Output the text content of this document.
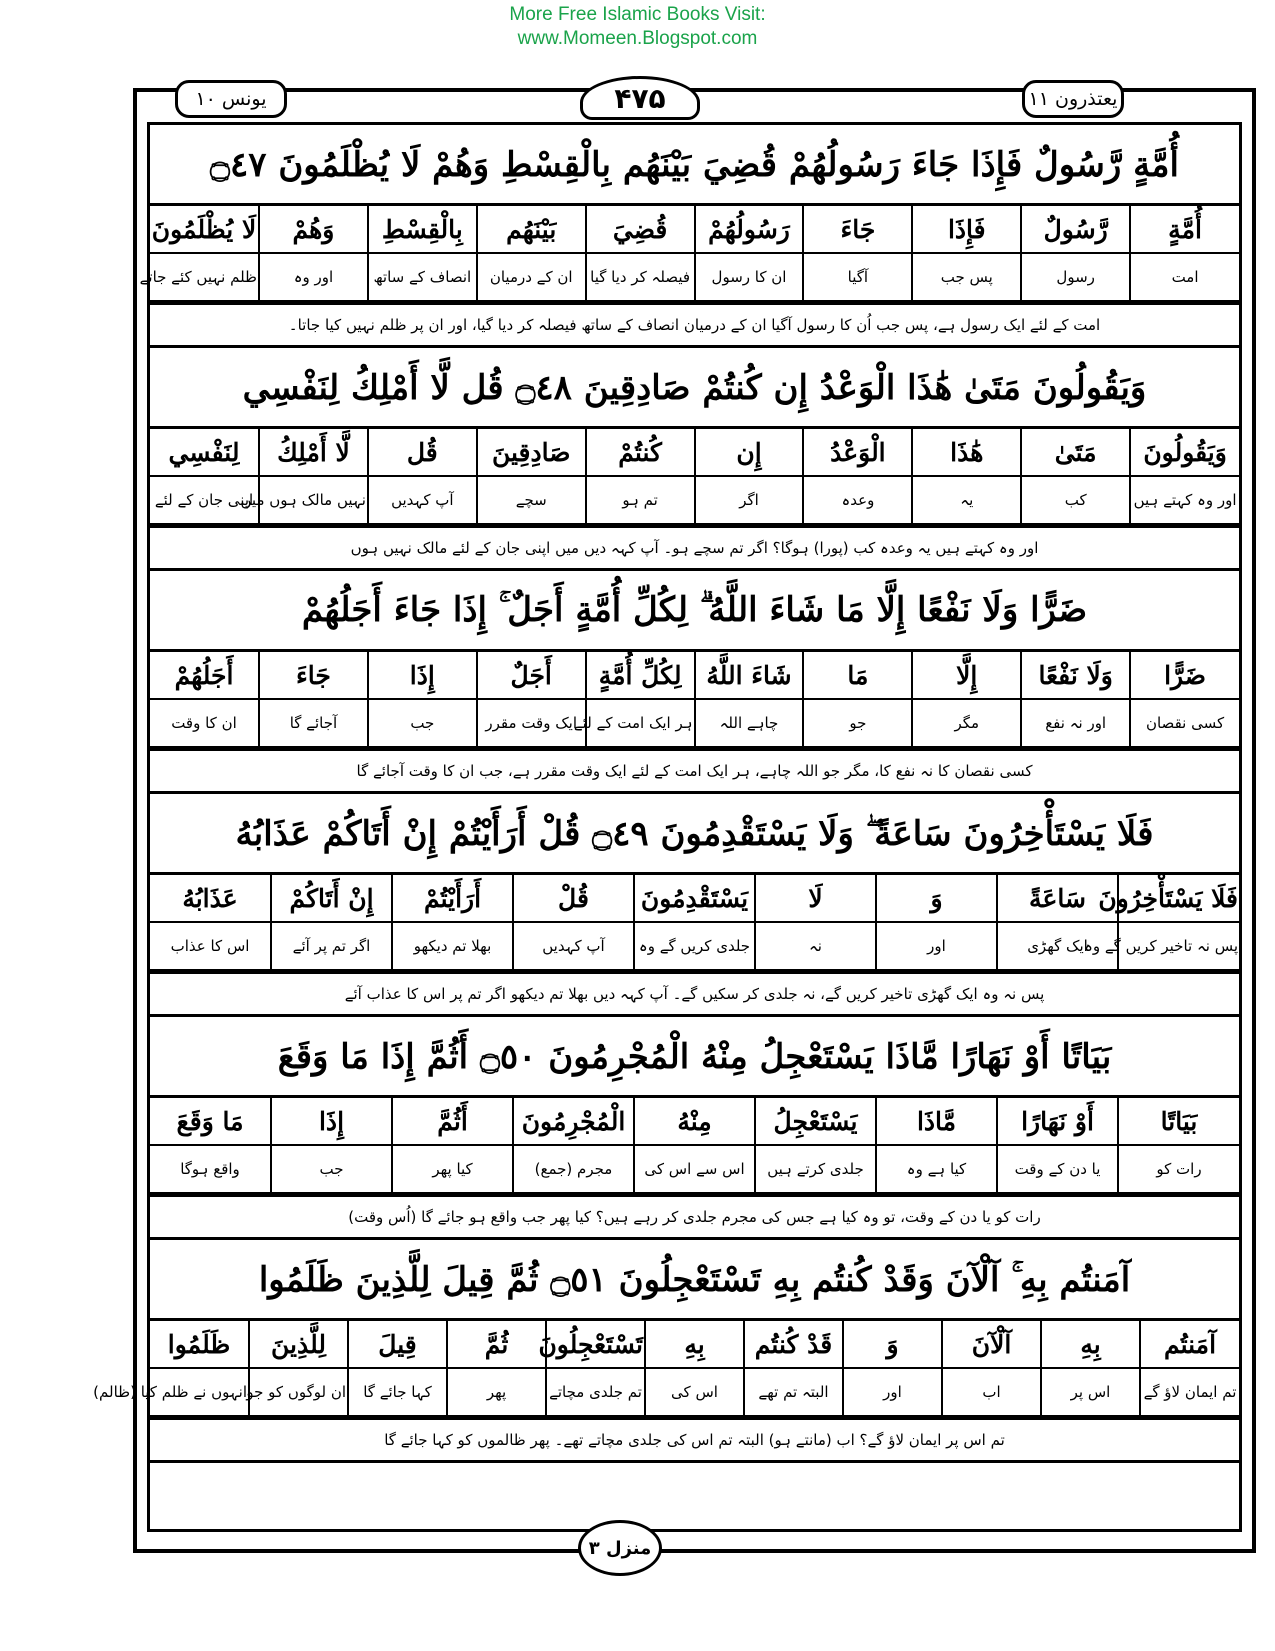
More Free Islamic Books Visit:
www.Momeen.Blogspot.com
یونس ۱۰	۴۷۵	یعتذرون ۱۱
أُمَّةٍ رَّسُولٌ فَإِذَا جَاءَ رَسُولُهُمْ قُضِيَ بَيْنَهُم بِالْقِسْطِ وَهُمْ لَا يُظْلَمُونَ ۝٤٧
أُمَّةٍ	رَّسُولٌ	فَإِذَا	جَاءَ	رَسُولُهُمْ	قُضِيَ	بَيْنَهُم	بِالْقِسْطِ	وَهُمْ	لَا يُظْلَمُونَ
امت	رسول	پس جب	آگیا	ان کا رسول	فیصلہ کر دیا گیا	ان کے درمیان	انصاف کے ساتھ	اور وہ	ظلم نہیں کئے جاتے
امت کے لئے ایک رسول ہے، پس جب اُن کا رسول آگیا ان کے درمیان انصاف کے ساتھ فیصلہ کر دیا گیا، اور ان پر ظلم نہیں کیا جاتا۔
وَيَقُولُونَ مَتَىٰ هَٰذَا الْوَعْدُ إِن كُنتُمْ صَادِقِينَ ۝٤٨ قُل لَّا أَمْلِكُ لِنَفْسِي
وَيَقُولُونَ	مَتَىٰ	هَٰذَا	الْوَعْدُ	إِن	كُنتُمْ	صَادِقِينَ	قُل	لَّا أَمْلِكُ	لِنَفْسِي
اور وہ کہتے ہیں	کب	یہ	وعدہ	اگر	تم ہو	سچے	آپ کہدیں	نہیں مالک ہوں میں	اپنی جان کے لئے
اور وہ کہتے ہیں یہ وعدہ کب (پورا) ہوگا؟ اگر تم سچے ہو۔ آپ کہہ دیں میں اپنی جان کے لئے مالک نہیں ہوں
ضَرًّا وَلَا نَفْعًا إِلَّا مَا شَاءَ اللَّهُ ۗ لِكُلِّ أُمَّةٍ أَجَلٌ ۚ إِذَا جَاءَ أَجَلُهُمْ
ضَرًّا	وَلَا نَفْعًا	إِلَّا	مَا	شَاءَ اللَّهُ	لِكُلِّ أُمَّةٍ	أَجَلٌ	إِذَا	جَاءَ	أَجَلُهُمْ
کسی نقصان	اور نہ نفع	مگر	جو	چاہے اللہ	ہر ایک امت کے لئے	ایک وقت مقرر	جب	آجائے گا	ان کا وقت
کسی نقصان کا نہ نفع کا، مگر جو اللہ چاہے، ہر ایک امت کے لئے ایک وقت مقرر ہے، جب ان کا وقت آجائے گا
فَلَا يَسْتَأْخِرُونَ سَاعَةً ۖ وَلَا يَسْتَقْدِمُونَ ۝٤٩ قُلْ أَرَأَيْتُمْ إِنْ أَتَاكُمْ عَذَابُهُ
فَلَا يَسْتَأْخِرُونَ	سَاعَةً	وَ	لَا	يَسْتَقْدِمُونَ	قُلْ	أَرَأَيْتُمْ	إِنْ أَتَاكُمْ	عَذَابُهُ
پس نہ تاخیر کریں گے وہ	ایک گھڑی	اور	نہ	جلدی کریں گے وہ	آپ کہدیں	بھلا تم دیکھو	اگر تم پر آئے	اس کا عذاب
پس نہ وہ ایک گھڑی تاخیر کریں گے، نہ جلدی کر سکیں گے۔ آپ کہہ دیں بھلا تم دیکھو اگر تم پر اس کا عذاب آئے
بَيَاتًا أَوْ نَهَارًا مَّاذَا يَسْتَعْجِلُ مِنْهُ الْمُجْرِمُونَ ۝٥٠ أَثُمَّ إِذَا مَا وَقَعَ
بَيَاتًا	أَوْ نَهَارًا	مَّاذَا	يَسْتَعْجِلُ	مِنْهُ	الْمُجْرِمُونَ	أَثُمَّ	إِذَا	مَا وَقَعَ
رات کو	یا دن کے وقت	کیا ہے وہ	جلدی کرتے ہیں	اس سے اس کی	مجرم (جمع)	کیا پھر	جب	واقع ہوگا
رات کو یا دن کے وقت، تو وہ کیا ہے جس کی مجرم جلدی کر رہے ہیں؟ کیا پھر جب واقع ہو جائے گا (اُس وقت)
آمَنتُم بِهِ ۚ آلْآنَ وَقَدْ كُنتُم بِهِ تَسْتَعْجِلُونَ ۝٥١ ثُمَّ قِيلَ لِلَّذِينَ ظَلَمُوا
آمَنتُم	بِهِ	آلْآنَ	وَ	قَدْ كُنتُم	بِهِ	تَسْتَعْجِلُونَ	ثُمَّ	قِيلَ	لِلَّذِينَ	ظَلَمُوا
تم ایمان لاؤ گے	اس پر	اب	اور	البتہ تم تھے	اس کی	تم جلدی مچاتے	پھر	کہا جائے گا	ان لوگوں کو جو	انہوں نے ظلم کیا (ظالم)
تم اس پر ایمان لاؤ گے؟ اب (مانتے ہو) البتہ تم اس کی جلدی مچاتے تھے۔ پھر ظالموں کو کہا جائے گا
منزل ۳
